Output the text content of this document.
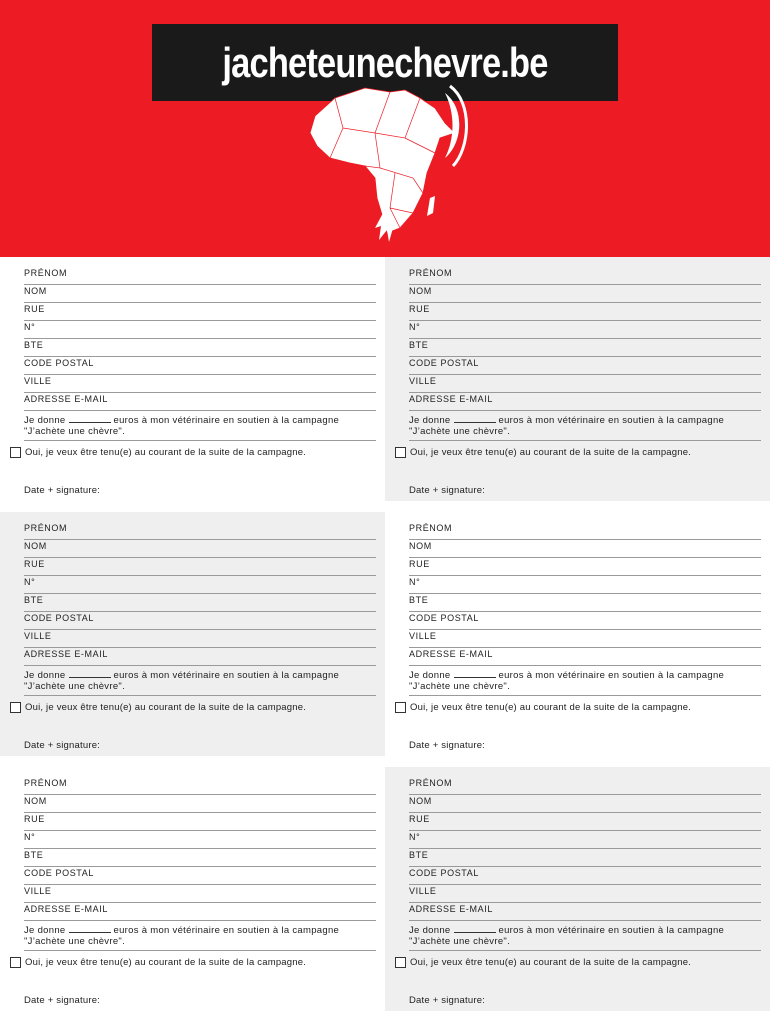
jacheteunechevre.be
PRÉNOM
NOM
RUE
N°
BTE
CODE POSTAL
VILLE
ADRESSE E-MAIL
Je donne	euros à mon vétérinaire en soutien à la campagne
"J’achète une chèvre".
Oui, je veux être tenu(e) au courant de la suite de la campagne.
Date + signature:
PRÉNOM
NOM
RUE
N°
BTE
CODE POSTAL
VILLE
ADRESSE E-MAIL
Je donne	euros à mon vétérinaire en soutien à la campagne
"J’achète une chèvre".
Oui, je veux être tenu(e) au courant de la suite de la campagne.
Date + signature:
PRÉNOM
NOM
RUE
N°
BTE
CODE POSTAL
VILLE
ADRESSE E-MAIL
Je donne	euros à mon vétérinaire en soutien à la campagne
"J’achète une chèvre".
Oui, je veux être tenu(e) au courant de la suite de la campagne.
Date + signature:
PRÉNOM
NOM
RUE
N°
BTE
CODE POSTAL
VILLE
ADRESSE E-MAIL
Je donne	euros à mon vétérinaire en soutien à la campagne
"J’achète une chèvre".
Oui, je veux être tenu(e) au courant de la suite de la campagne.
Date + signature:
PRÉNOM
NOM
RUE
N°
BTE
CODE POSTAL
VILLE
ADRESSE E-MAIL
Je donne	euros à mon vétérinaire en soutien à la campagne
"J’achète une chèvre".
Oui, je veux être tenu(e) au courant de la suite de la campagne.
Date + signature:
PRÉNOM
NOM
RUE
N°
BTE
CODE POSTAL
VILLE
ADRESSE E-MAIL
Je donne	euros à mon vétérinaire en soutien à la campagne
"J’achète une chèvre".
Oui, je veux être tenu(e) au courant de la suite de la campagne.
Date + signature:
